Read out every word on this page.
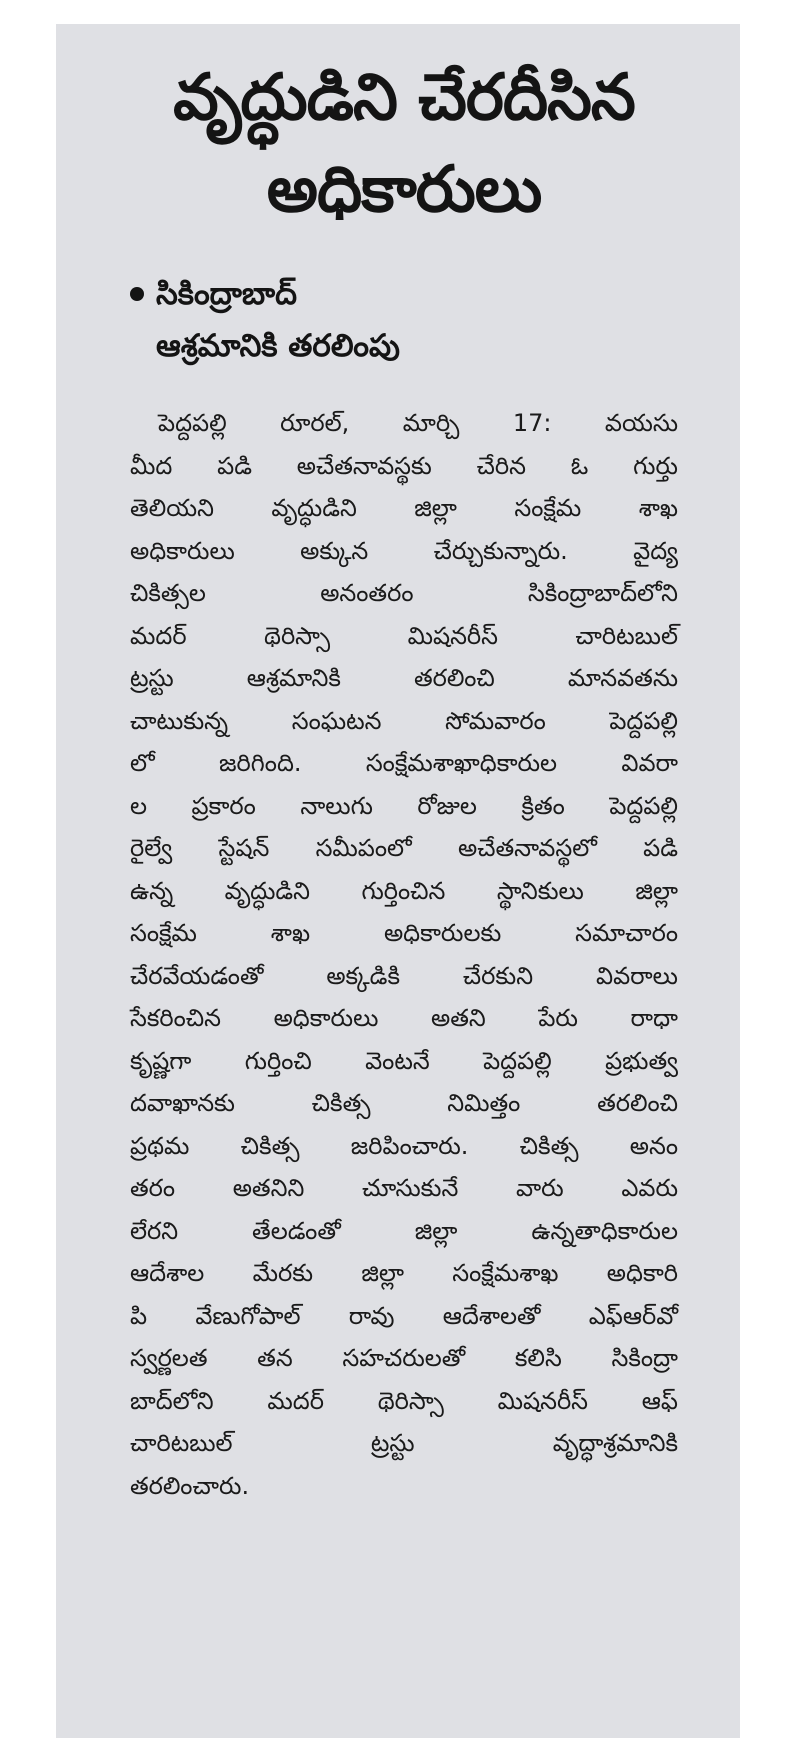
వృద్ధుడిని చేరదీసిన
అధికారులు
సికింద్రాబాద్
ఆశ్రమానికి తరలింపు
పెద్దపల్లి రూరల్, మార్చి 17: వయసు
మీద పడి అచేతనావస్థకు చేరిన ఓ గుర్తు
తెలియని వృద్ధుడిని జిల్లా సంక్షేమ శాఖ
అధికారులు అక్కున చేర్చుకున్నారు. వైద్య
చికిత్సల అనంతరం సికింద్రాబాద్‌లోని
మదర్ థెరిస్సా మిషనరీస్ చారిటబుల్
ట్రస్టు ఆశ్రమానికి తరలించి మానవతను
చాటుకున్న సంఘటన సోమవారం పెద్దపల్లి
లో జరిగింది. సంక్షేమశాఖాధికారుల వివరా
ల ప్రకారం నాలుగు రోజుల క్రితం పెద్దపల్లి
రైల్వే స్టేషన్ సమీపంలో అచేతనావస్థలో పడి
ఉన్న వృద్ధుడిని గుర్తించిన స్థానికులు జిల్లా
సంక్షేమ శాఖ అధికారులకు సమాచారం
చేరవేయడంతో అక్కడికి చేరకుని వివరాలు
సేకరించిన అధికారులు అతని పేరు రాధా
కృష్ణగా గుర్తించి వెంటనే పెద్దపల్లి ప్రభుత్వ
దవాఖానకు చికిత్స నిమిత్తం తరలించి
ప్రథమ చికిత్స జరిపించారు. చికిత్స అనం
తరం అతనిని చూసుకునే వారు ఎవరు
లేరని తేలడంతో జిల్లా ఉన్నతాధికారుల
ఆదేశాల మేరకు జిల్లా సంక్షేమశాఖ అధికారి
పి వేణుగోపాల్ రావు ఆదేశాలతో ఎఫ్ఆర్‌వో
స్వర్ణలత తన సహచరులతో కలిసి సికింద్రా
బాద్‌లోని మదర్ థెరిస్సా మిషనరీస్ ఆఫ్
చారిటబుల్ ట్రస్టు వృద్ధాశ్రమానికి
తరలించారు.
